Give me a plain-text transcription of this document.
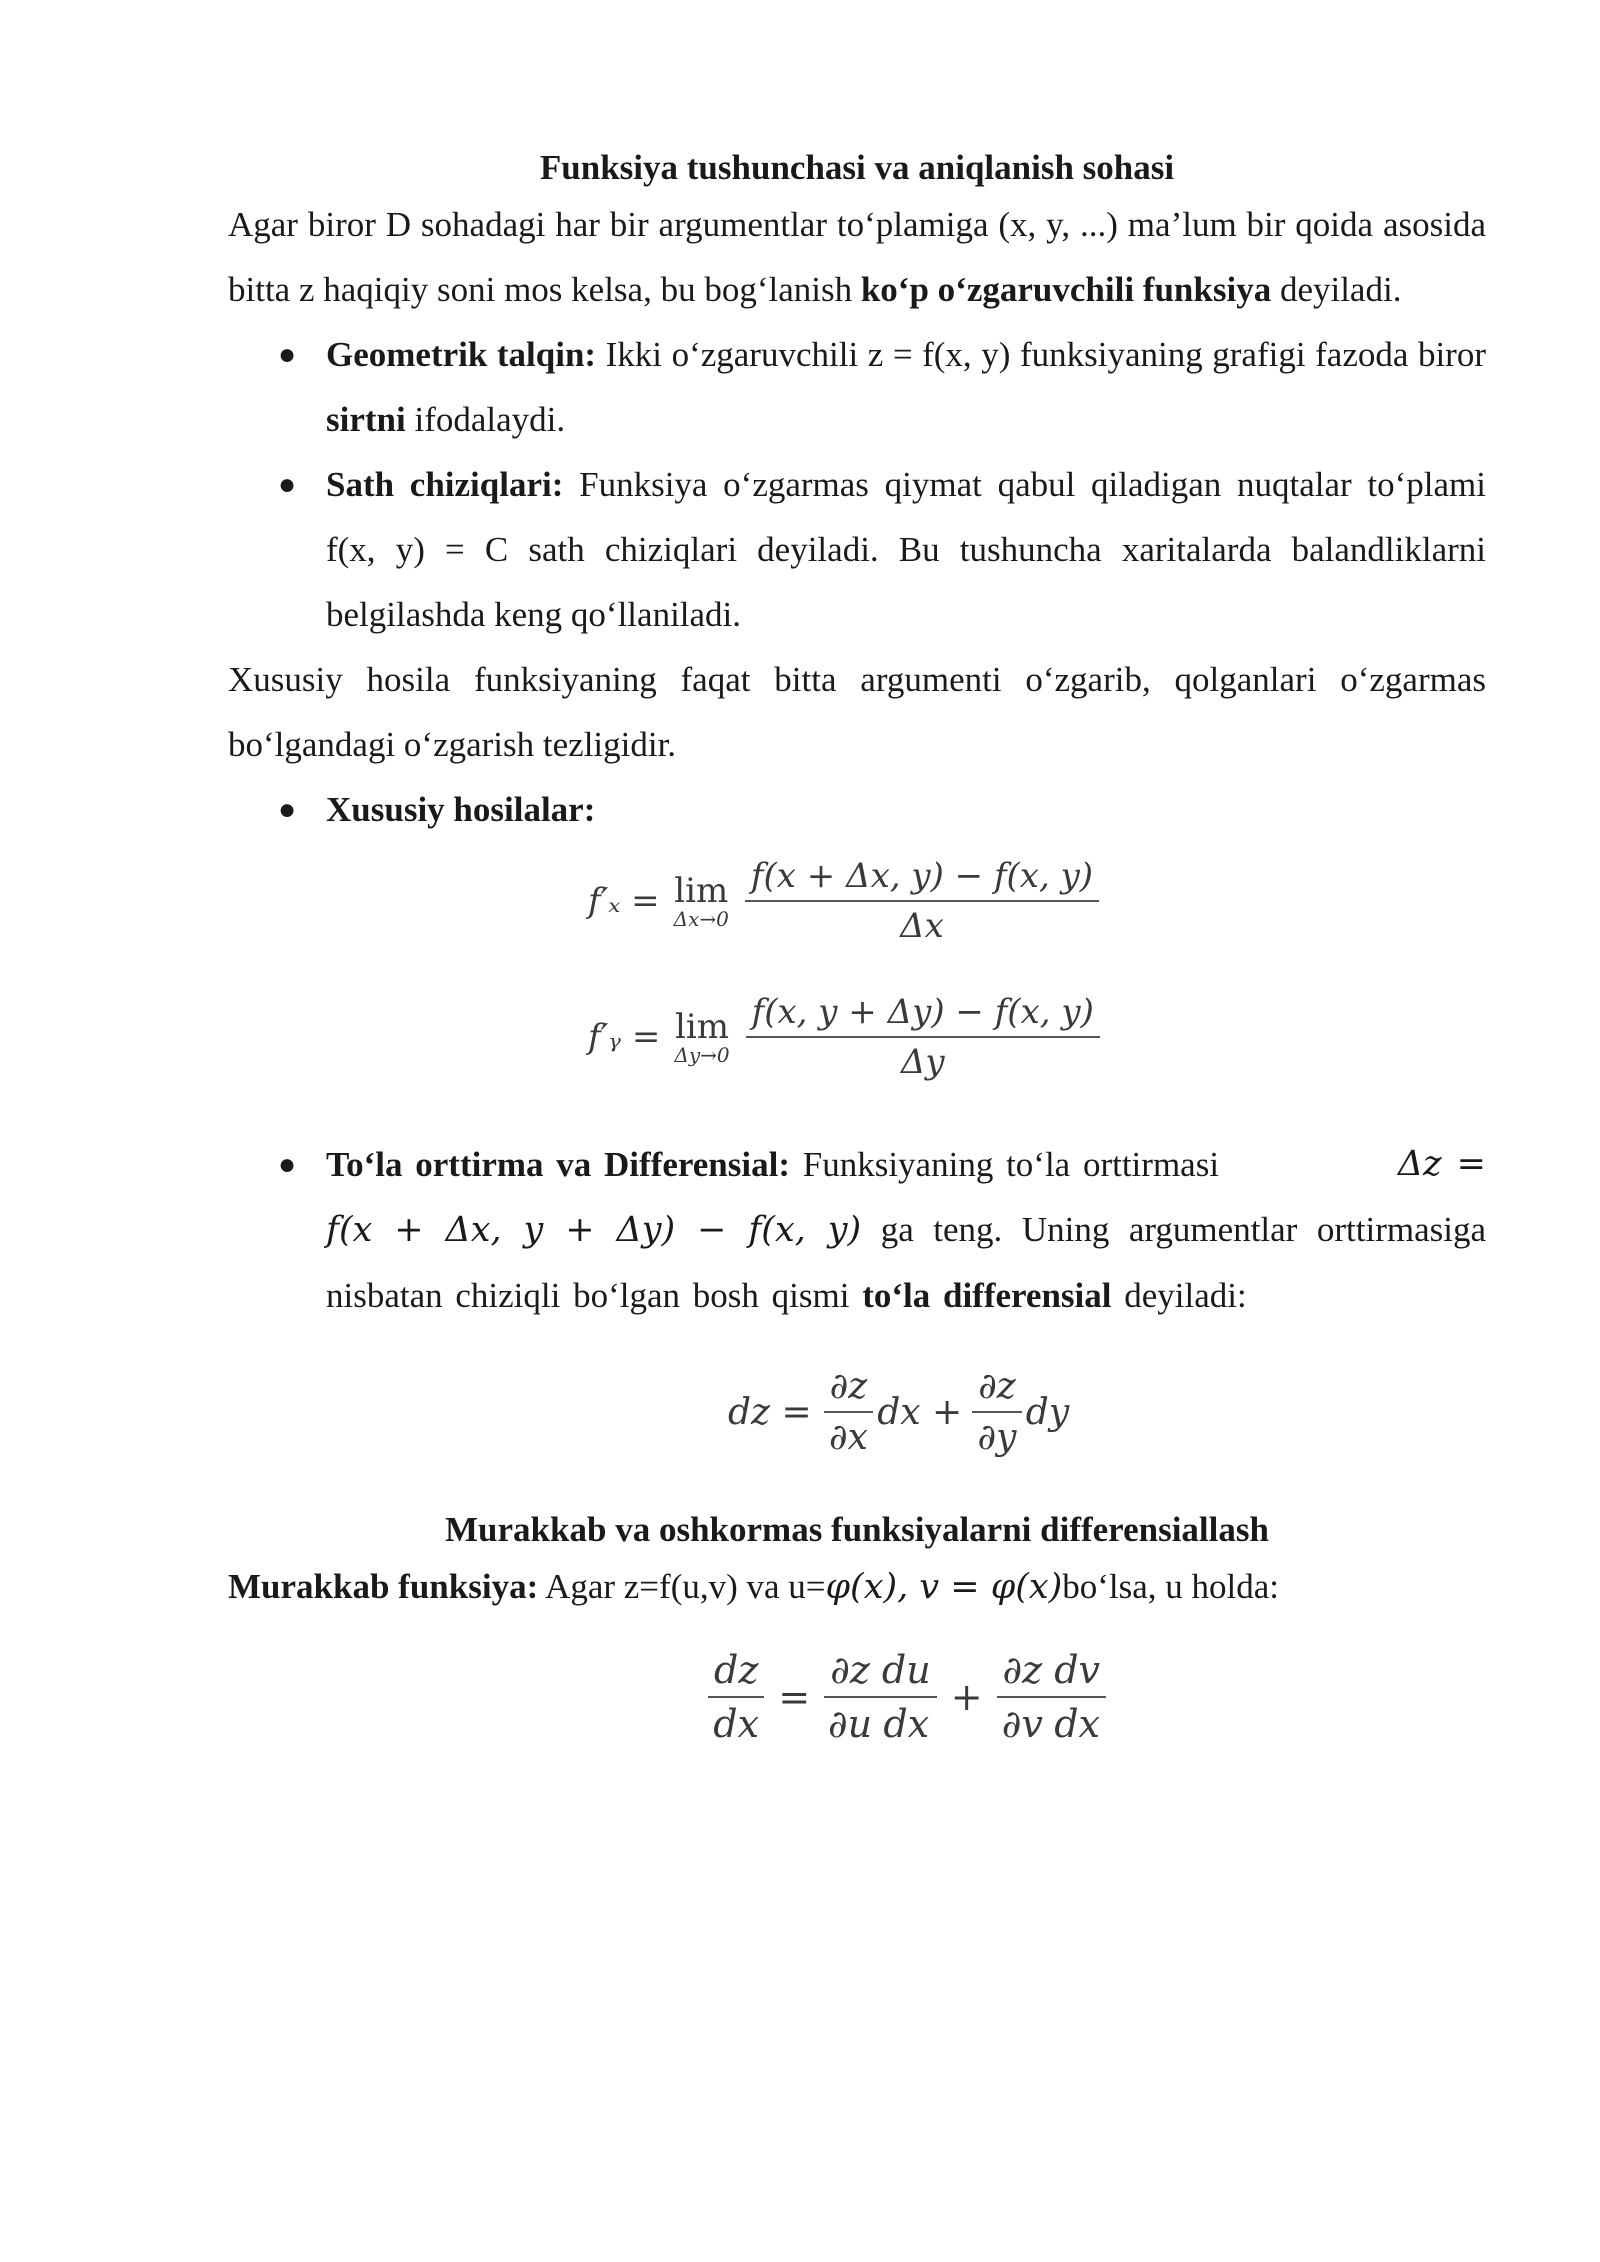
Funksiya tushunchasi va aniqlanish sohasi

Agar biror D sohadagi har bir argumentlar to‘plamiga (x, y, ...) ma’lum bir qoida asosida bitta z haqiqiy soni mos kelsa, bu bog‘lanish ko‘p o‘zgaruvchili funksiya deyiladi.

● Geometrik talqin: Ikki o‘zgaruvchili z = f(x, y) funksiyaning grafigi fazoda biror sirtni ifodalaydi.
● Sath chiziqlari: Funksiya o‘zgarmas qiymat qabul qiladigan nuqtalar to‘plami f(x, y) = C sath chiziqlari deyiladi. Bu tushuncha xaritalarda balandliklarni belgilashda keng qo‘llaniladi.

Xususiy hosila funksiyaning faqat bitta argumenti o‘zgarib, qolganlari o‘zgarmas bo‘lgandagi o‘zgarish tezligidir.

● Xususiy hosilalar:
f′ₓ = lim
$\Delta x\to 0 \frac{f(x + \Delta x, y) - f(x, y)}{\Delta x}$
f′ᵧ = lim
$\Delta y\to 0 \frac{f(x, y + \Delta y) - f(x, y)}{\Delta y}$
● To‘la orttirma va Differensial: Funksiyaning to‘la orttirmasi	Δz =

f(x + Δx, y + Δy) − f(x, y) ga teng. Uning argumentlar orttirmasiga nisbatan chiziqli bo‘lgan bosh qismi to‘la differensial deyiladi:
dz = $\frac{\partial z}{\partial x}$ dx + $\frac{\partial z}{\partial y}$ dy
Murakkab va oshkormas funksiyalarni differensiallash

Murakkab funksiya: Agar z=f(u,v) va u=φ(x), v = φ(x)bo‘lsa, u holda:

$\frac{dz}{dx} = \frac{\partial z}{\partial u} \frac{du}{dx} + \frac{\partial z}{\partial v} \frac{dv}{dx}$
